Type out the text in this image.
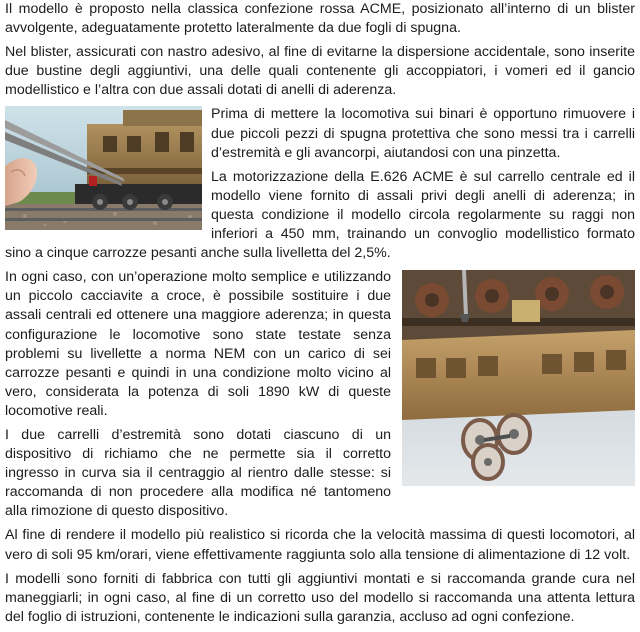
Il modello è proposto nella classica confezione rossa ACME, posizionato all’interno di un blister avvolgente, adeguatamente protetto lateralmente da due fogli di spugna.

Nel blister, assicurati con nastro adesivo, al fine di evitarne la dispersione accidentale, sono inserite due bustine degli aggiuntivi, una delle quali contenente gli accoppiatori, i vomeri ed il gancio modellistico e l’altra con due assali dotati di anelli di aderenza.

Prima di mettere la locomotiva sui binari è opportuno rimuovere i due piccoli pezzi di spugna protettiva che sono messi tra i carrelli d’estremità e gli avancorpi, aiutandosi con una pinzetta.

La motorizzazione della E.626 ACME è sul carrello centrale ed il modello viene fornito di assali privi degli anelli di aderenza; in questa condizione il modello circola regolarmente su raggi non inferiori a 450 mm, trainando un convoglio modellistico formato sino a cinque carrozze pesanti anche sulla livelletta del 2,5%.

In ogni caso, con un’operazione molto semplice e utilizzando un piccolo cacciavite a croce, è possibile sostituire i due assali centrali ed ottenere una maggiore aderenza; in questa configurazione le locomotive sono state testate senza problemi su livellette a norma NEM con un carico di sei carrozze pesanti e quindi in una condizione molto vicino al vero, considerata la potenza di soli 1890 kW di queste locomotive reali.

I due carrelli d’estremità sono dotati ciascuno di un dispositivo di richiamo che ne permette sia il corretto ingresso in curva sia il centraggio al rientro dalle stesse: si raccomanda di non procedere alla modifica né tantomeno alla rimozione di questo dispositivo.

Al fine di rendere il modello più realistico si ricorda che la velocità massima di questi locomotori, al vero di soli 95 km/orari, viene effettivamente raggiunta solo alla tensione di alimentazione di 12 volt.

I modelli sono forniti di fabbrica con tutti gli aggiuntivi montati e si raccomanda grande cura nel maneggiarli; in ogni caso, al fine di un corretto uso del modello si raccomanda una attenta lettura del foglio di istruzioni, contenente le indicazioni sulla garanzia, accluso ad ogni confezione.
